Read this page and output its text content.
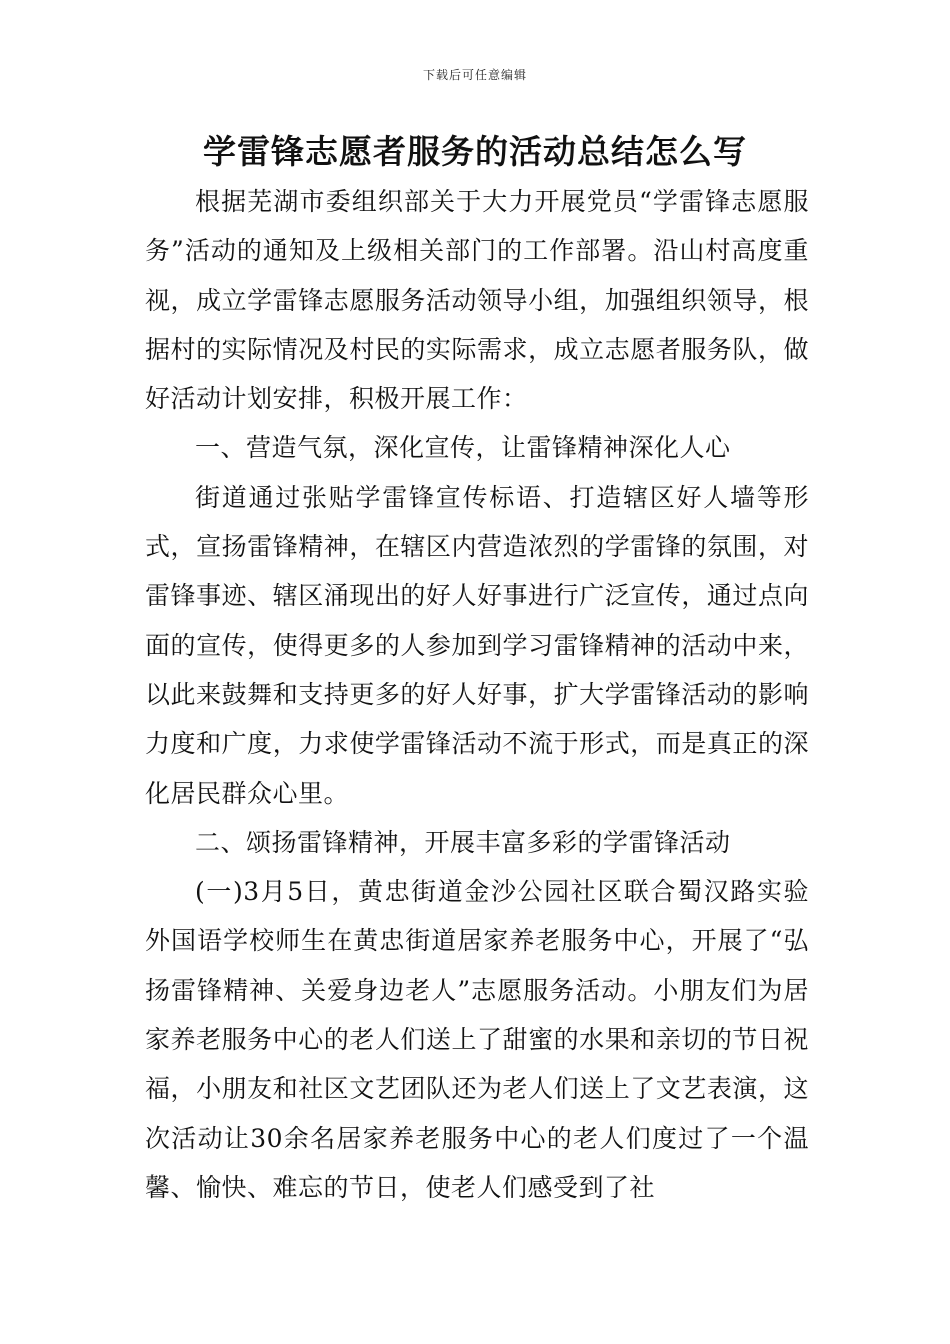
下载后可任意编辑
学雷锋志愿者服务的活动总结怎么写

根据芜湖市委组织部关于大力开展党员“学雷锋志愿服务”活动的通知及上级相关部门的工作部署。沿山村高度重视，成立学雷锋志愿服务活动领导小组，加强组织领导，根据村的实际情况及村民的实际需求，成立志愿者服务队，做好活动计划安排，积极开展工作：

一、营造气氛，深化宣传，让雷锋精神深化人心

街道通过张贴学雷锋宣传标语、打造辖区好人墙等形式，宣扬雷锋精神，在辖区内营造浓烈的学雷锋的氛围，对雷锋事迹、辖区涌现出的好人好事进行广泛宣传，通过点向面的宣传，使得更多的人参加到学习雷锋精神的活动中来，以此来鼓舞和支持更多的好人好事，扩大学雷锋活动的影响力度和广度，力求使学雷锋活动不流于形式，而是真正的深化居民群众心里。

二、颂扬雷锋精神，开展丰富多彩的学雷锋活动

(一)3月5日，黄忠街道金沙公园社区联合蜀汉路实验外国语学校师生在黄忠街道居家养老服务中心，开展了“弘扬雷锋精神、关爱身边老人”志愿服务活动。小朋友们为居家养老服务中心的老人们送上了甜蜜的水果和亲切的节日祝福，小朋友和社区文艺团队还为老人们送上了文艺表演，这次活动让30余名居家养老服务中心的老人们度过了一个温馨、愉快、难忘的节日，使老人们感受到了社
